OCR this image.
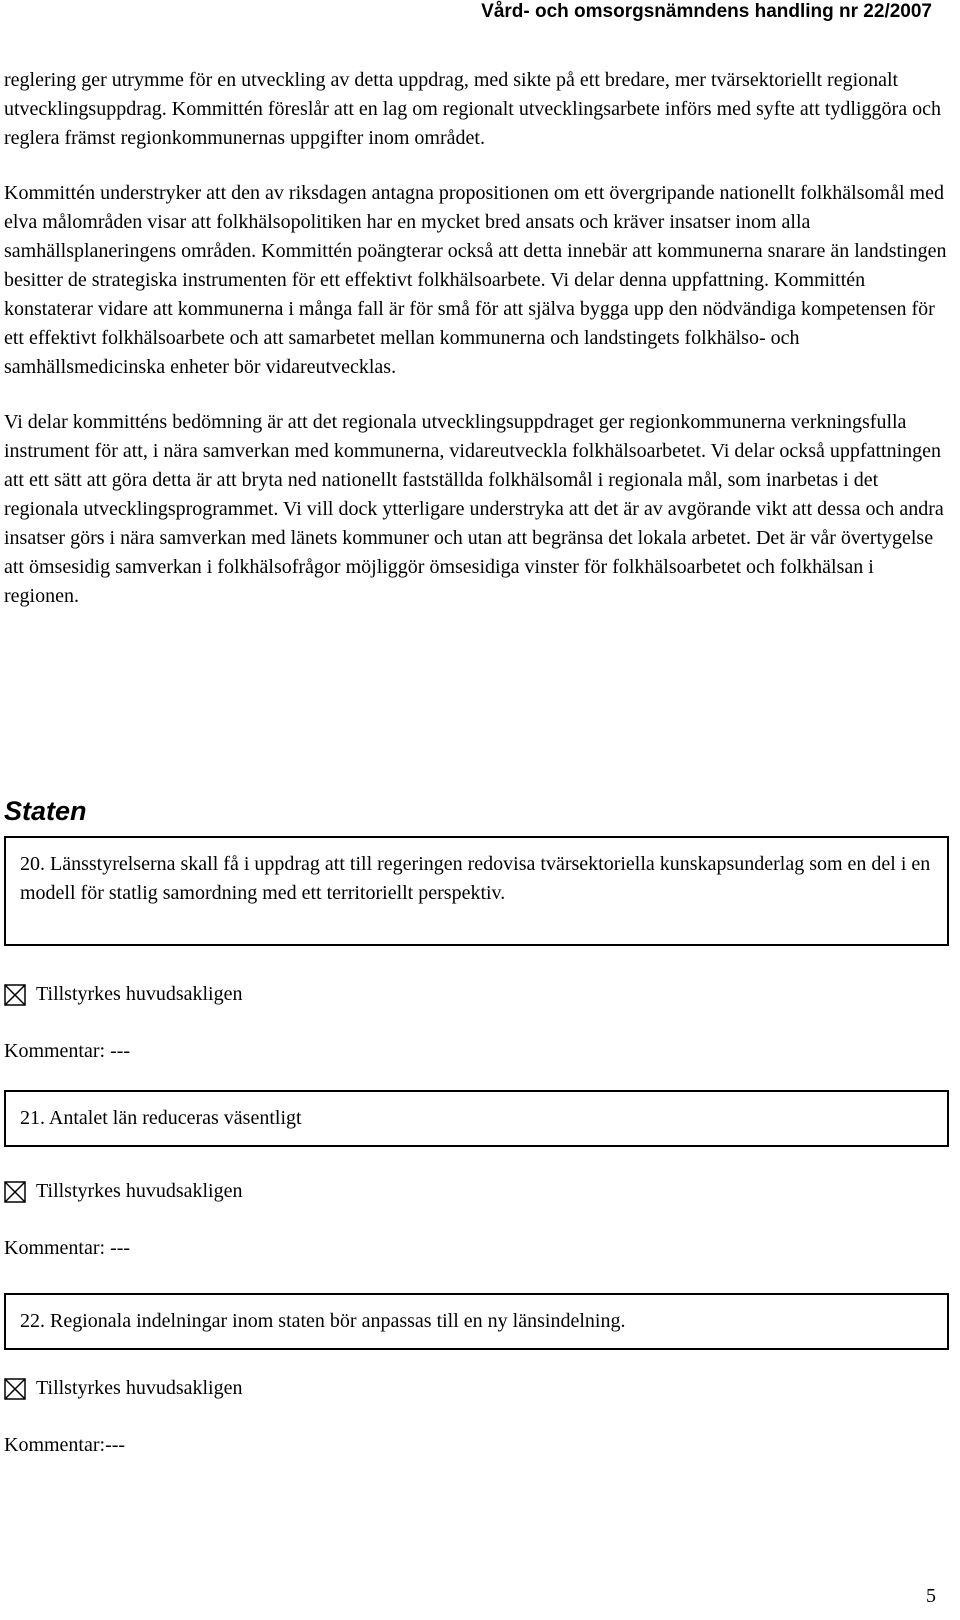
Vård- och omsorgsnämndens handling nr 22/2007

reglering ger utrymme för en utveckling av detta uppdrag, med sikte på ett bredare, mer tvärsektoriellt regionalt utvecklingsuppdrag. Kommittén föreslår att en lag om regionalt utvecklingsarbete införs med syfte att tydliggöra och reglera främst regionkommunernas uppgifter inom området.

Kommittén understryker att den av riksdagen antagna propositionen om ett övergripande nationellt folkhälsomål med elva målområden visar att folkhälsopolitiken har en mycket bred ansats och kräver insatser inom alla samhällsplaneringens områden. Kommittén poängterar också att detta innebär att kommunerna snarare än landstingen besitter de strategiska instrumenten för ett effektivt folkhälsoarbete. Vi delar denna uppfattning. Kommittén konstaterar vidare att kommunerna i många fall är för små för att själva bygga upp den nödvändiga kompetensen för ett effektivt folkhälsoarbete och att samarbetet mellan kommunerna och landstingets folkhälso- och samhällsmedicinska enheter bör vidareutvecklas.

Vi delar kommitténs bedömning är att det regionala utvecklingsuppdraget ger regionkommunerna verkningsfulla instrument för att, i nära samverkan med kommunerna, vidareutveckla folkhälsoarbetet. Vi delar också uppfattningen att ett sätt att göra detta är att bryta ned nationellt fastställda folkhälsomål i regionala mål, som inarbetas i det regionala utvecklingsprogrammet. Vi vill dock ytterligare understryka att det är av avgörande vikt att dessa och andra insatser görs i nära samverkan med länets kommuner och utan att begränsa det lokala arbetet. Det är vår övertygelse att ömsesidig samverkan i folkhälsofrågor möjliggör ömsesidiga vinster för folkhälsoarbetet och folkhälsan i regionen.

Staten
20. Länsstyrelserna skall få i uppdrag att till regeringen redovisa tvärsektoriella kunskapsunderlag som en del i en modell för statlig samordning med ett territoriellt perspektiv.
Tillstyrkes huvudsakligen
Kommentar: ---
21. Antalet län reduceras väsentligt
Tillstyrkes huvudsakligen
Kommentar: ---
22. Regionala indelningar inom staten bör anpassas till en ny länsindelning.
Tillstyrkes huvudsakligen
Kommentar:---
5
